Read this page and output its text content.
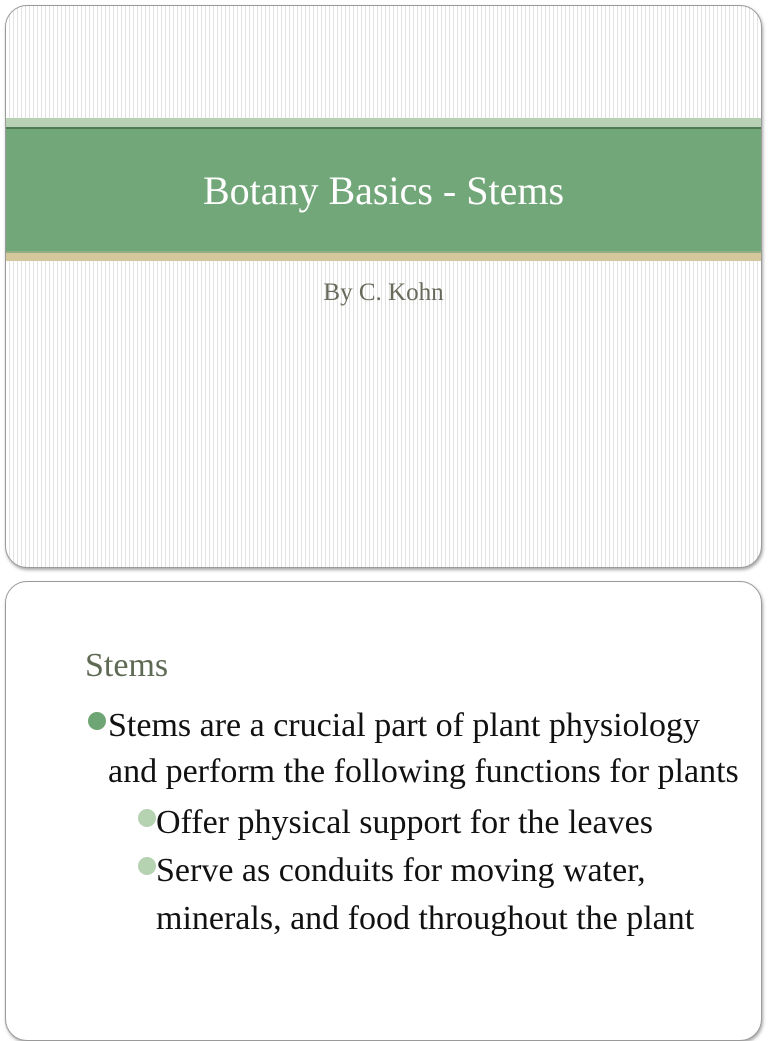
Botany Basics - Stems

By C. Kohn

Stems
Stems are a crucial part of plant physiology and perform the following functions for plants
Offer physical support for the leaves
Serve as conduits for moving water, minerals, and food throughout the plant
